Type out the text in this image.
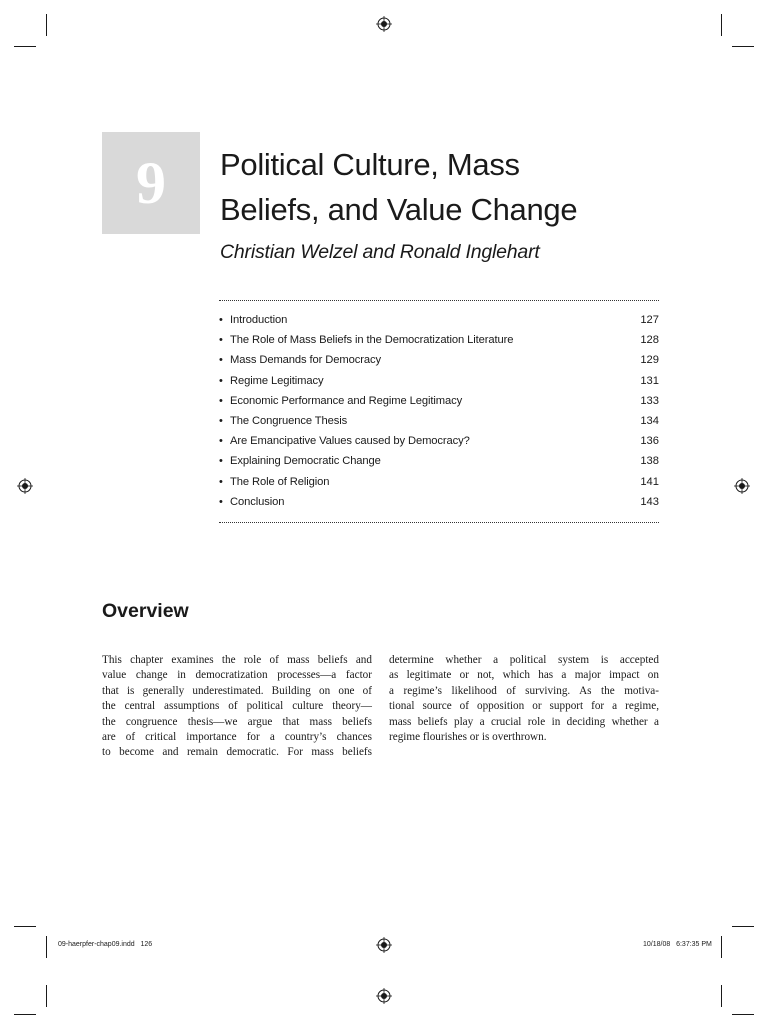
9 Political Culture, Mass
Beliefs, and Value Change

Christian Welzel and Ronald Inglehart

• Introduction	127
• The Role of Mass Beliefs in the Democratization Literature	128
• Mass Demands for Democracy	129
• Regime Legitimacy	131
• Economic Performance and Regime Legitimacy	133
• The Congruence Thesis	134
• Are Emancipative Values caused by Democracy?	136
• Explaining Democratic Change	138
• The Role of Religion	141
• Conclusion	143
Overview

This chapter examines the role of mass beliefs and
value change in democratization processes—a factor
that is generally underestimated. Building on one of
the central assumptions of political culture theory—
the congruence thesis—we argue that mass beliefs
are of critical importance for a country’s chances
to become and remain democratic. For mass beliefs

determine whether a political system is accepted
as legitimate or not, which has a major impact on
a regime’s likelihood of surviving. As the motiva-
tional source of opposition or support for a regime,
mass beliefs play a crucial role in deciding whether a
regime flourishes or is overthrown.

09-haerpfer-chap09.indd   126	10/18/08   6:37:35 PM
